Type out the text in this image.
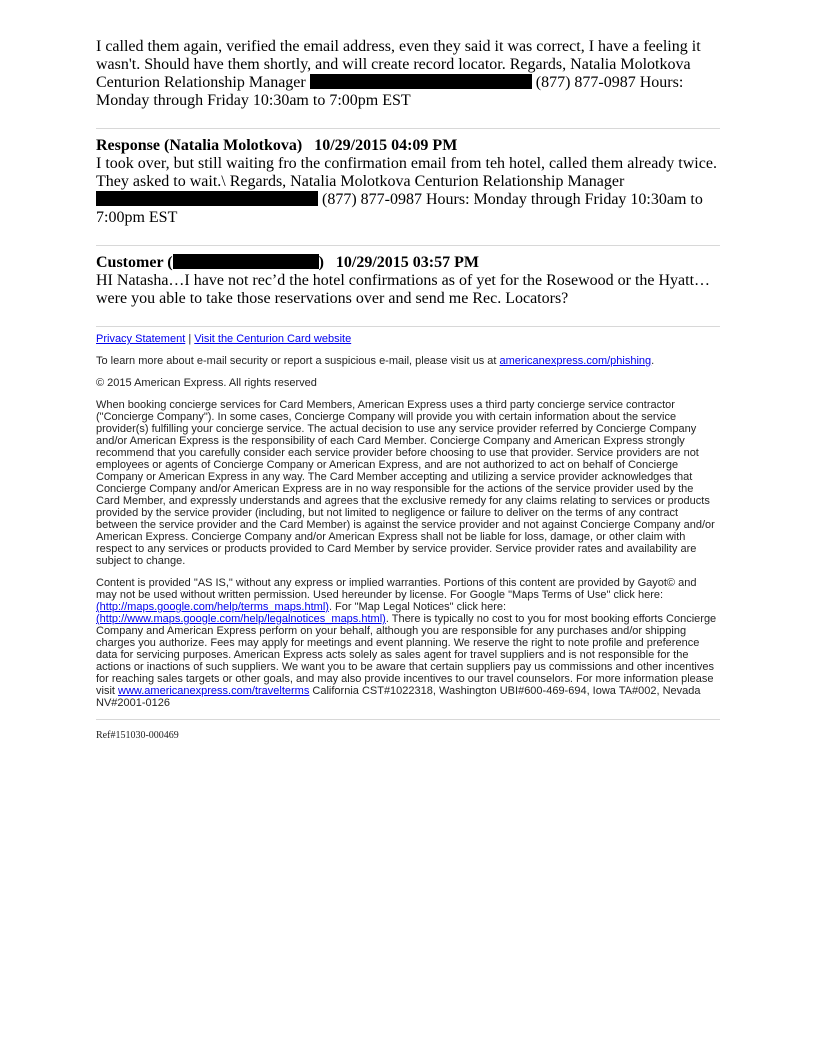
I called them again, verified the email address, even they said it was correct, I have a feeling it wasn't. Should have them shortly, and will create record locator. Regards, Natalia Molotkova Centurion Relationship Manager	(877) 877-0987 Hours: Monday through Friday 10:30am to 7:00pm EST

Response (Natalia Molotkova)   10/29/2015 04:09 PM

I took over, but still waiting fro the confirmation email from teh hotel, called them already twice. They asked to wait.\ Regards, Natalia Molotkova Centurion Relationship Manager  (877) 877-0987 Hours: Monday through Friday 10:30am to 7:00pm EST

Customer (	)   10/29/2015 03:57 PM

HI Natasha…I have not rec’d the hotel confirmations as of yet for the Rosewood or the Hyatt…were you able to take those reservations over and send me Rec. Locators?

Privacy Statement | Visit the Centurion Card website

To learn more about e-mail security or report a suspicious e-mail, please visit us at americanexpress.com/phishing.

© 2015 American Express. All rights reserved

When booking concierge services for Card Members, American Express uses a third party concierge service contractor ("Concierge Company"). In some cases, Concierge Company will provide you with certain information about the service provider(s) fulfilling your concierge service. The actual decision to use any service provider referred by Concierge Company and/or American Express is the responsibility of each Card Member. Concierge Company and American Express strongly recommend that you carefully consider each service provider before choosing to use that provider. Service providers are not employees or agents of Concierge Company or American Express, and are not authorized to act on behalf of Concierge Company or American Express in any way. The Card Member accepting and utilizing a service provider acknowledges that Concierge Company and/or American Express are in no way responsible for the actions of the service provider used by the Card Member, and expressly understands and agrees that the exclusive remedy for any claims relating to services or products provided by the service provider (including, but not limited to negligence or failure to deliver on the terms of any contract between the service provider and the Card Member) is against the service provider and not against Concierge Company and/or American Express. Concierge Company and/or American Express shall not be liable for loss, damage, or other claim with respect to any services or products provided to Card Member by service provider. Service provider rates and availability are subject to change.

Content is provided "AS IS," without any express or implied warranties. Portions of this content are provided by Gayot© and may not be used without written permission. Used hereunder by license. For Google "Maps Terms of Use" click here: (http://maps.google.com/help/terms_maps.html). For "Map Legal Notices" click here: (http://www.maps.google.com/help/legalnotices_maps.html). There is typically no cost to you for most booking efforts Concierge Company and American Express perform on your behalf, although you are responsible for any purchases and/or shipping charges you authorize. Fees may apply for meetings and event planning. We reserve the right to note profile and preference data for servicing purposes. American Express acts solely as sales agent for travel suppliers and is not responsible for the actions or inactions of such suppliers. We want you to be aware that certain suppliers pay us commissions and other incentives for reaching sales targets or other goals, and may also provide incentives to our travel counselors. For more information please visit www.americanexpress.com/travelterms California CST#1022318, Washington UBI#600-469-694, Iowa TA#002, Nevada NV#2001-0126

Ref#151030-000469
